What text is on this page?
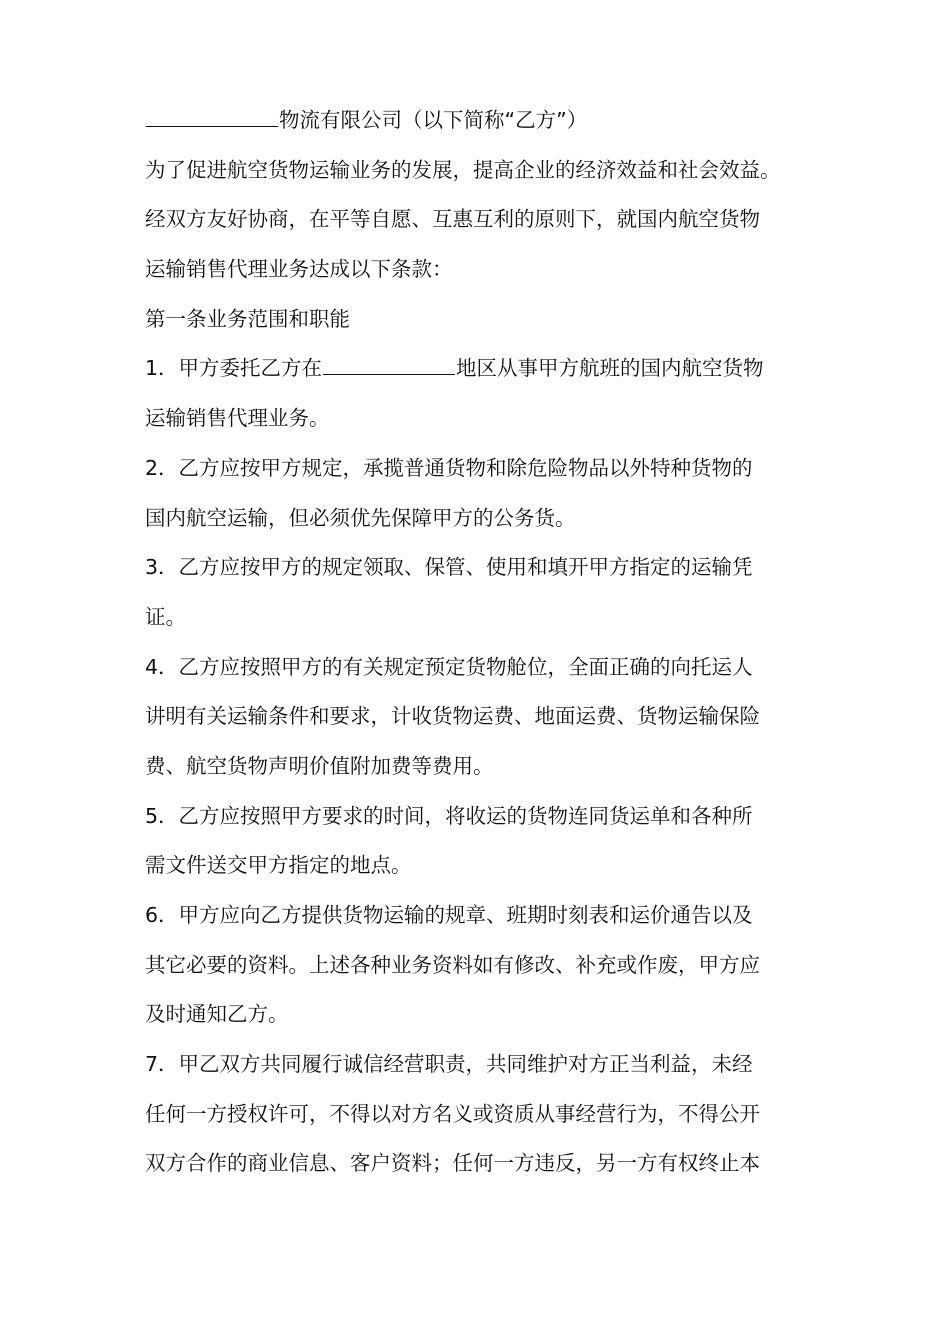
物流有限公司（以下简称“乙方”）
为了促进航空货物运输业务的发展，提高企业的经济效益和社会效益。
经双方友好协商，在平等自愿、互惠互利的原则下，就国内航空货物
运输销售代理业务达成以下条款：
第一条业务范围和职能
1．甲方委托乙方在	地区从事甲方航班的国内航空货物
运输销售代理业务。
2．乙方应按甲方规定，承揽普通货物和除危险物品以外特种货物的
国内航空运输，但必须优先保障甲方的公务货。
3．乙方应按甲方的规定领取、保管、使用和填开甲方指定的运输凭
证。
4．乙方应按照甲方的有关规定预定货物舱位，全面正确的向托运人
讲明有关运输条件和要求，计收货物运费、地面运费、货物运输保险
费、航空货物声明价值附加费等费用。
5．乙方应按照甲方要求的时间，将收运的货物连同货运单和各种所
需文件送交甲方指定的地点。
6．甲方应向乙方提供货物运输的规章、班期时刻表和运价通告以及
其它必要的资料。上述各种业务资料如有修改、补充或作废，甲方应
及时通知乙方。
7．甲乙双方共同履行诚信经营职责，共同维护对方正当利益，未经
任何一方授权许可，不得以对方名义或资质从事经营行为，不得公开
双方合作的商业信息、客户资料；任何一方违反，另一方有权终止本
